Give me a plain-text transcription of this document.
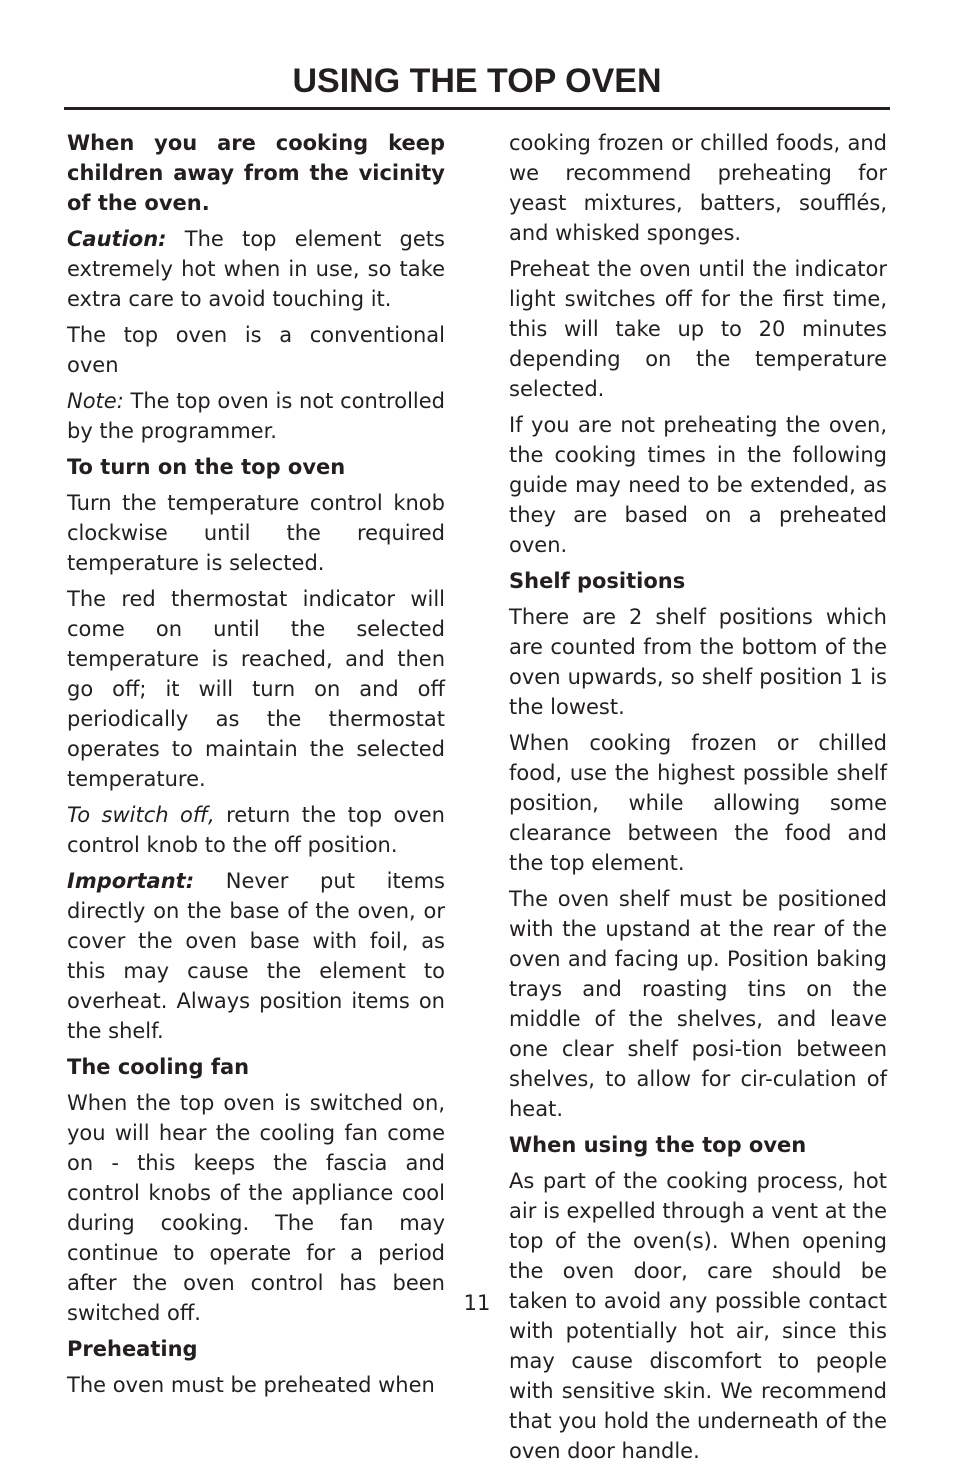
USING THE TOP OVEN

When you are cooking keep children away from the vicinity of the oven.

Caution: The top element gets extremely hot when in use, so take extra care to avoid touching it.

The top oven is a conventional oven

Note: The top oven is not controlled by the programmer.

To turn on the top oven

Turn the temperature control knob clockwise until the required temperature is selected.

The red thermostat indicator will come on until the selected temperature is reached, and then go off; it will turn on and off periodically as the thermostat operates to maintain the selected temperature.

To switch off, return the top oven control knob to the off position.

Important: Never put items directly on the base of the oven, or cover the oven base with foil, as this may cause the element to overheat. Always position items on the shelf.

The cooling fan

When the top oven is switched on, you will hear the cooling fan come on - this keeps the fascia and control knobs of the appliance cool during cooking. The fan may continue to operate for a period after the oven control has been switched off.

Preheating

The oven must be preheated when

cooking frozen or chilled foods, and we recommend preheating for yeast mixtures, batters, soufflés, and whisked sponges.

Preheat the oven until the indicator light switches off for the first time, this will take up to 20 minutes depending on the temperature selected.

If you are not preheating the oven, the cooking times in the following guide may need to be extended, as they are based on a preheated oven.

Shelf positions

There are 2 shelf positions which are counted from the bottom of the oven upwards, so shelf position 1 is the lowest.

When cooking frozen or chilled food, use the highest possible shelf position, while allowing some clearance between the food and the top element.

The oven shelf must be positioned with the upstand at the rear of the oven and facing up. Position baking trays and roasting tins on the middle of the shelves, and leave one clear shelf posi-tion between shelves, to allow for cir-culation of heat.

When using the top oven

As part of the cooking process, hot air is expelled through a vent at the top of the oven(s). When opening the oven door, care should be taken to avoid any possible contact with potentially hot air, since this may cause discomfort to people with sensitive skin. We recommend that you hold the underneath of the oven door handle.

11
